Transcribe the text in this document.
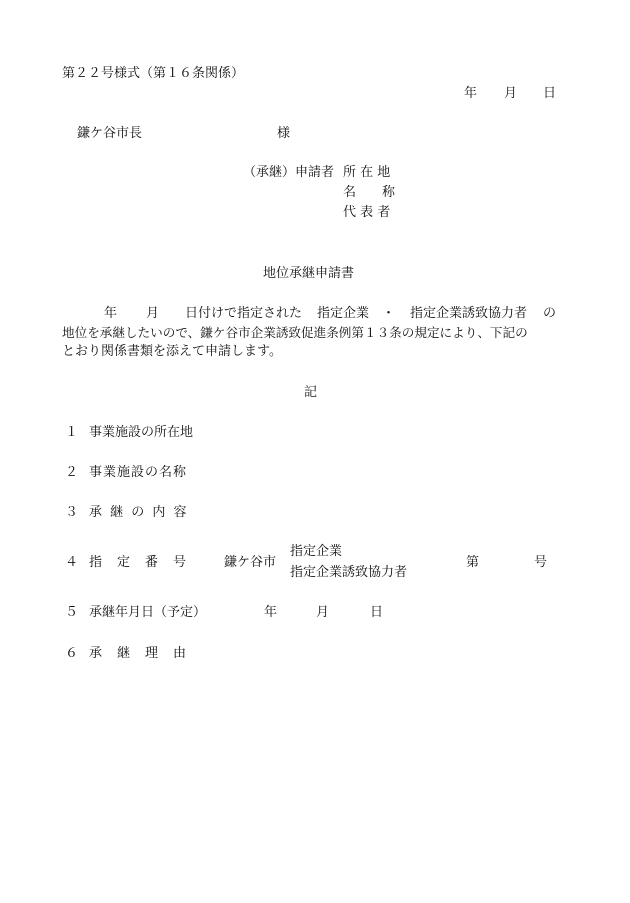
第２２号様式（第１６条関係）
年 月 日
鎌ケ谷市長	様
（承継）申請者 所 在 地
名　　称
代 表 者
地位承継申請書
年 月 日付けで指定された 指定企業 ・ 指定企業誘致協力者 の
地位を承継したいので、鎌ケ谷市企業誘致促進条例第１３条の規定により、下記の
とおり関係書類を添えて申請します。
記
１ 事業施設の所在地
２ 事業施設の名称
３ 承 継 の 内 容
４ 指　定　番　号	鎌ケ谷市
指定企業
指定企業誘致協力者
第	号
５ 承継年月日（予定）	年	月	日
６ 承　継　理　由
